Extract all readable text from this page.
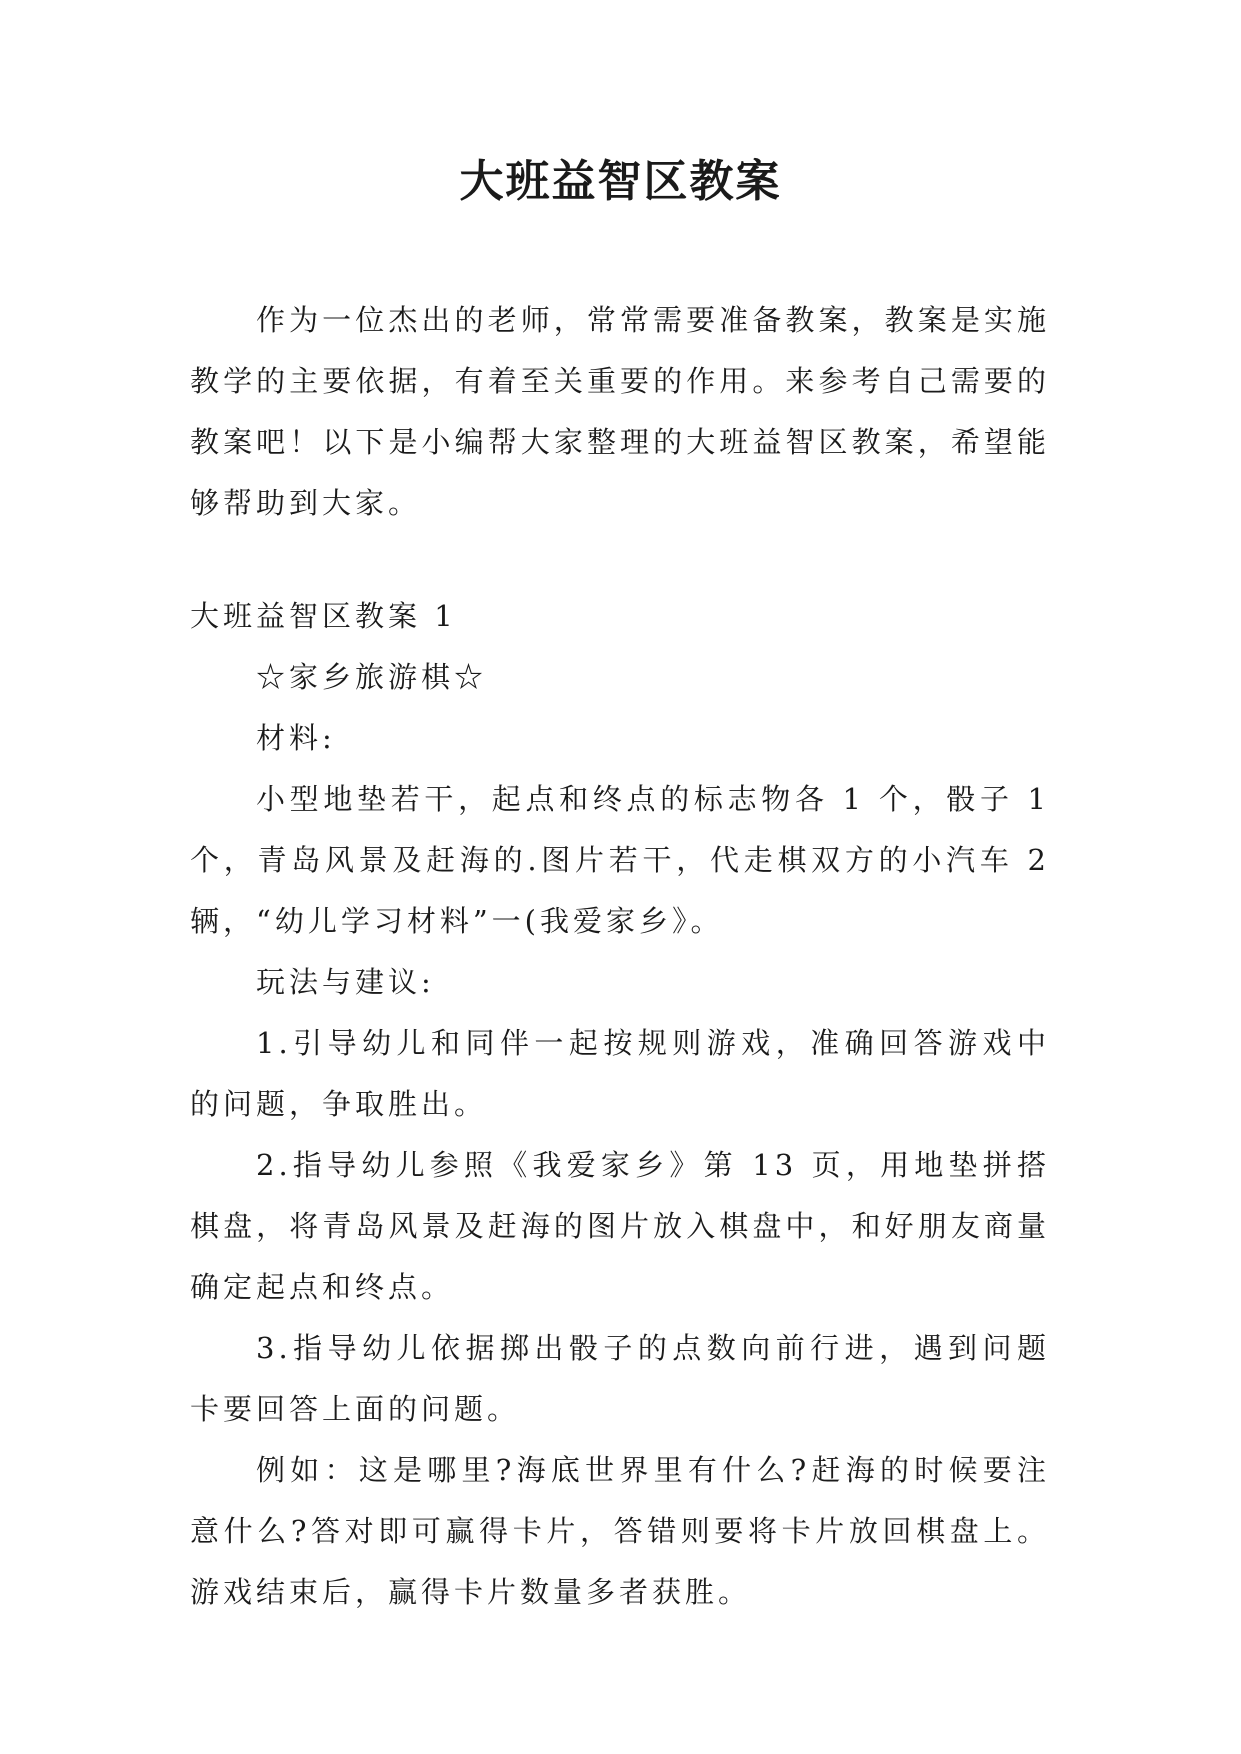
大班益智区教案

作为一位杰出的老师，常常需要准备教案，教案是实施教学的主要依据，有着至关重要的作用。来参考自己需要的教案吧！以下是小编帮大家整理的大班益智区教案，希望能够帮助到大家。

大班益智区教案 1

☆家乡旅游棋☆

材料:

小型地垫若干，起点和终点的标志物各 1 个，骰子 1 个，青岛风景及赶海的.图片若干，代走棋双方的小汽车 2 辆，“幼儿学习材料”一(我爱家乡》。

玩法与建议:

1.引导幼儿和同伴一起按规则游戏，准确回答游戏中的问题，争取胜出。

2.指导幼儿参照《我爱家乡》第 13 页，用地垫拼搭棋盘，将青岛风景及赶海的图片放入棋盘中，和好朋友商量确定起点和终点。

3.指导幼儿依据掷出骰子的点数向前行进，遇到问题卡要回答上面的问题。

例如：这是哪里?海底世界里有什么?赶海的时候要注意什么?答对即可赢得卡片，答错则要将卡片放回棋盘上。游戏结束后，赢得卡片数量多者获胜。
